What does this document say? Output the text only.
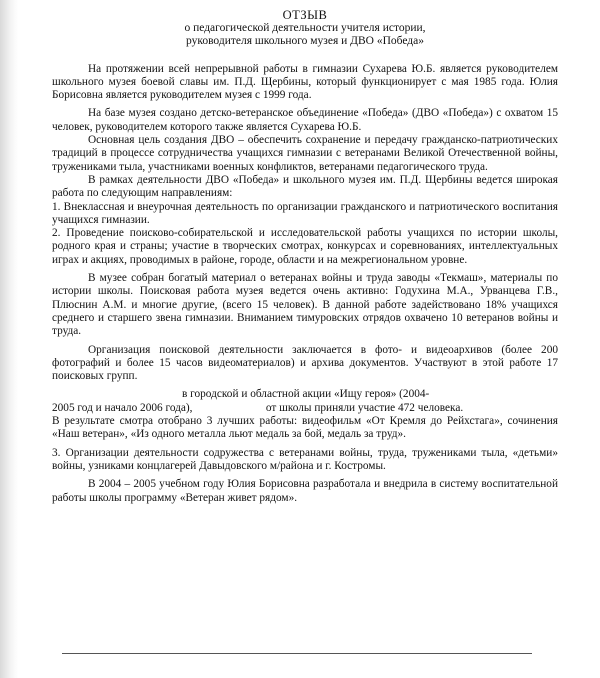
ОТЗЫВ
о педагогической деятельности учителя истории,
руководителя школьного музея и ДВО «Победа»

На протяжении всей непрерывной работы в гимназии Сухарева Ю.Б. является руководителем школьного музея боевой славы им. П.Д. Щербины, который функционирует с мая 1985 года. Юлия Борисовна является руководителем музея с 1999 года.

На базе музея создано детско-ветеранское объединение «Победа» (ДВО «Победа») с охватом 15 человек, руководителем которого также является Сухарева Ю.Б.

Основная цель создания ДВО – обеспечить сохранение и передачу гражданско-патриотических традиций в процессе сотрудничества учащихся гимназии с ветеранами Великой Отечественной войны, тружениками тыла, участниками военных конфликтов, ветеранами педагогического труда.

В рамках деятельности ДВО «Победа» и школьного музея им. П.Д. Щербины ведется широкая работа по следующим направлениям:

1. Внеклассная и внеурочная деятельность по организации гражданского и патриотического воспитания учащихся гимназии.

2. Проведение поисково-собирательской и исследовательской работы учащихся по истории школы, родного края и страны; участие в творческих смотрах, конкурсах и соревнованиях, интеллектуальных играх и акциях, проводимых в районе, городе, области и на межрегиональном уровне.

В музее собран богатый материал о ветеранах войны и труда заводы «Текмаш», материалы по истории школы. Поисковая работа музея ведется очень активно: Годухина М.А., Урванцева Г.В., Плюснин А.М. и многие другие, (всего 15 человек). В данной работе задействовано 18% учащихся среднего и старшего звена гимназии. Вниманием тимуровских отрядов охвачено 10 ветеранов войны и труда.

Организация поисковой деятельности заключается в фото- и видеоархивов (более 200 фотографий и более 15 часов видеоматериалов) и архива документов. Участвуют в этой работе 17 поисковых групп.

в городской и областной акции «Ищу героя» (2004-
2005 год и начало 2006 года),                          от школы приняли участие 472 человека.
В результате смотра отобрано 3 лучших работы: видеофильм «От Кремля до Рейхстага», сочинения «Наш ветеран», «Из одного металла льют медаль за бой, медаль за труд».

3. Организации деятельности содружества с ветеранами войны, труда, тружениками тыла, «детьми» войны, узниками концлагерей Давыдовского м/района и г. Костромы.

В 2004 – 2005 учебном году Юлия Борисовна разработала и внедрила в систему воспитательной работы школы программу «Ветеран живет рядом».
